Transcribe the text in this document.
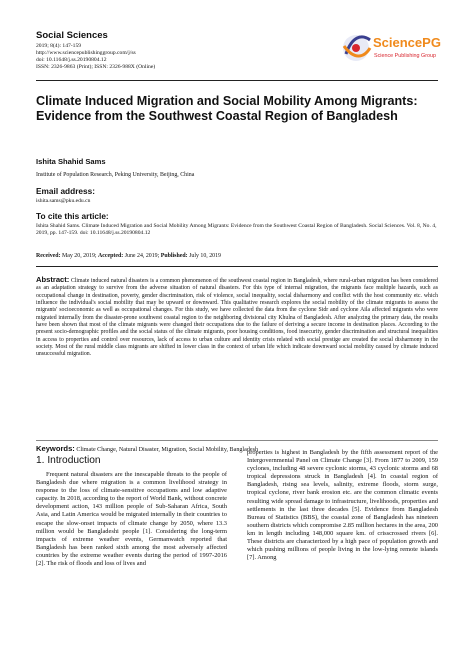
Social Sciences
2019; 8(4): 147-159
http://www.sciencepublishinggroup.com/j/ss
doi: 10.11648/j.ss.20190804.12
ISSN: 2326-9863 (Print); ISSN: 2326-988X (Online)
SciencePG
Science Publishing Group
Climate Induced Migration and Social Mobility Among Migrants: Evidence from the Southwest Coastal Region of Bangladesh
Ishita Shahid Sams
Institute of Population Research, Peking University, Beijing, China
Email address:
ishita.sams@pku.edu.cn
To cite this article:
Ishita Shahid Sams. Climate Induced Migration and Social Mobility Among Migrants: Evidence from the Southwest Coastal Region of Bangladesh. Social Sciences. Vol. 8, No. 4, 2019, pp. 147-159. doi: 10.11648/j.ss.20190804.12
Received: May 20, 2019; Accepted: June 24, 2019; Published: July 10, 2019
Abstract: Climate induced natural disasters is a common phenomenon of the southwest coastal region in Bangladesh, where rural-urban migration has been considered as an adaptation strategy to survive from the adverse situation of natural disasters. For this type of internal migration, the migrants face multiple hazards, such as occupational change in destination, poverty, gender discrimination, risk of violence, social inequality, social disharmony and conflict with the host community etc. which influence the individual's social mobility that may be upward or downward. This qualitative research explores the social mobility of the climate migrants to assess the migrants' socioeconomic as well as occupational changes. For this study, we have collected the data from the cyclone Sidr and cyclone Aila affected migrants who were migrated internally from the disaster-prone southwest coastal region to the neighboring divisional city Khulna of Bangladesh. After analyzing the primary data, the results have been shown that most of the climate migrants were changed their occupations due to the failure of deriving a secure income in destination places. According to the present socio-demographic profiles and the social status of the climate migrants, poor housing conditions, food insecurity, gender discrimination and structural inequalities in access to properties and control over resources, lack of access to urban culture and identity crisis related with social prestige are created the social disharmony in the society. Most of the rural middle class migrants are shifted in lower class in the context of urban life which indicate downward social mobility caused by climate induced unsuccessful migration.
Keywords: Climate Change, Natural Disaster, Migration, Social Mobility, Bangladesh
1. Introduction

Frequent natural disasters are the inescapable threats to the people of Bangladesh due where migration is a common livelihood strategy in response to the loss of climate-sensitive occupations and low adaptive capacity. In 2018, according to the report of World Bank, without concrete development action, 143 million people of Sub-Saharan Africa, South Asia, and Latin America would be migrated internally in their countries to escape the slow-onset impacts of climate change by 2050, where 13.3 million would be Bangladeshi people [1]. Considering the long-term impacts of extreme weather events, Germanwatch reported that Bangladesh has been ranked sixth among the most adversely affected countries by the extreme weather events during the period of 1997-2016 [2]. The risk of floods and loss of lives and

properties is highest in Bangladesh by the fifth assessment report of the Intergovernmental Panel on Climate Change [3]. From 1877 to 2009, 159 cyclones, including 48 severe cyclonic storms, 43 cyclonic storms and 68 tropical depressions struck in Bangladesh [4]. In coastal region of Bangladesh, rising sea levels, salinity, extreme floods, storm surge, tropical cyclone, river bank erosion etc. are the common climatic events resulting wide spread damage to infrastructure, livelihoods, properties and settlements in the last three decades [5]. Evidence from Bangladesh Bureau of Statistics (BBS), the coastal zone of Bangladesh has nineteen southern districts which compromise 2.85 million hectares in the area, 200 km in length including 148,000 square km. of crisscrossed rivers [6]. These districts are characterized by a high pace of population growth and which pushing millions of people living in the low-lying remote islands [7]. Among
